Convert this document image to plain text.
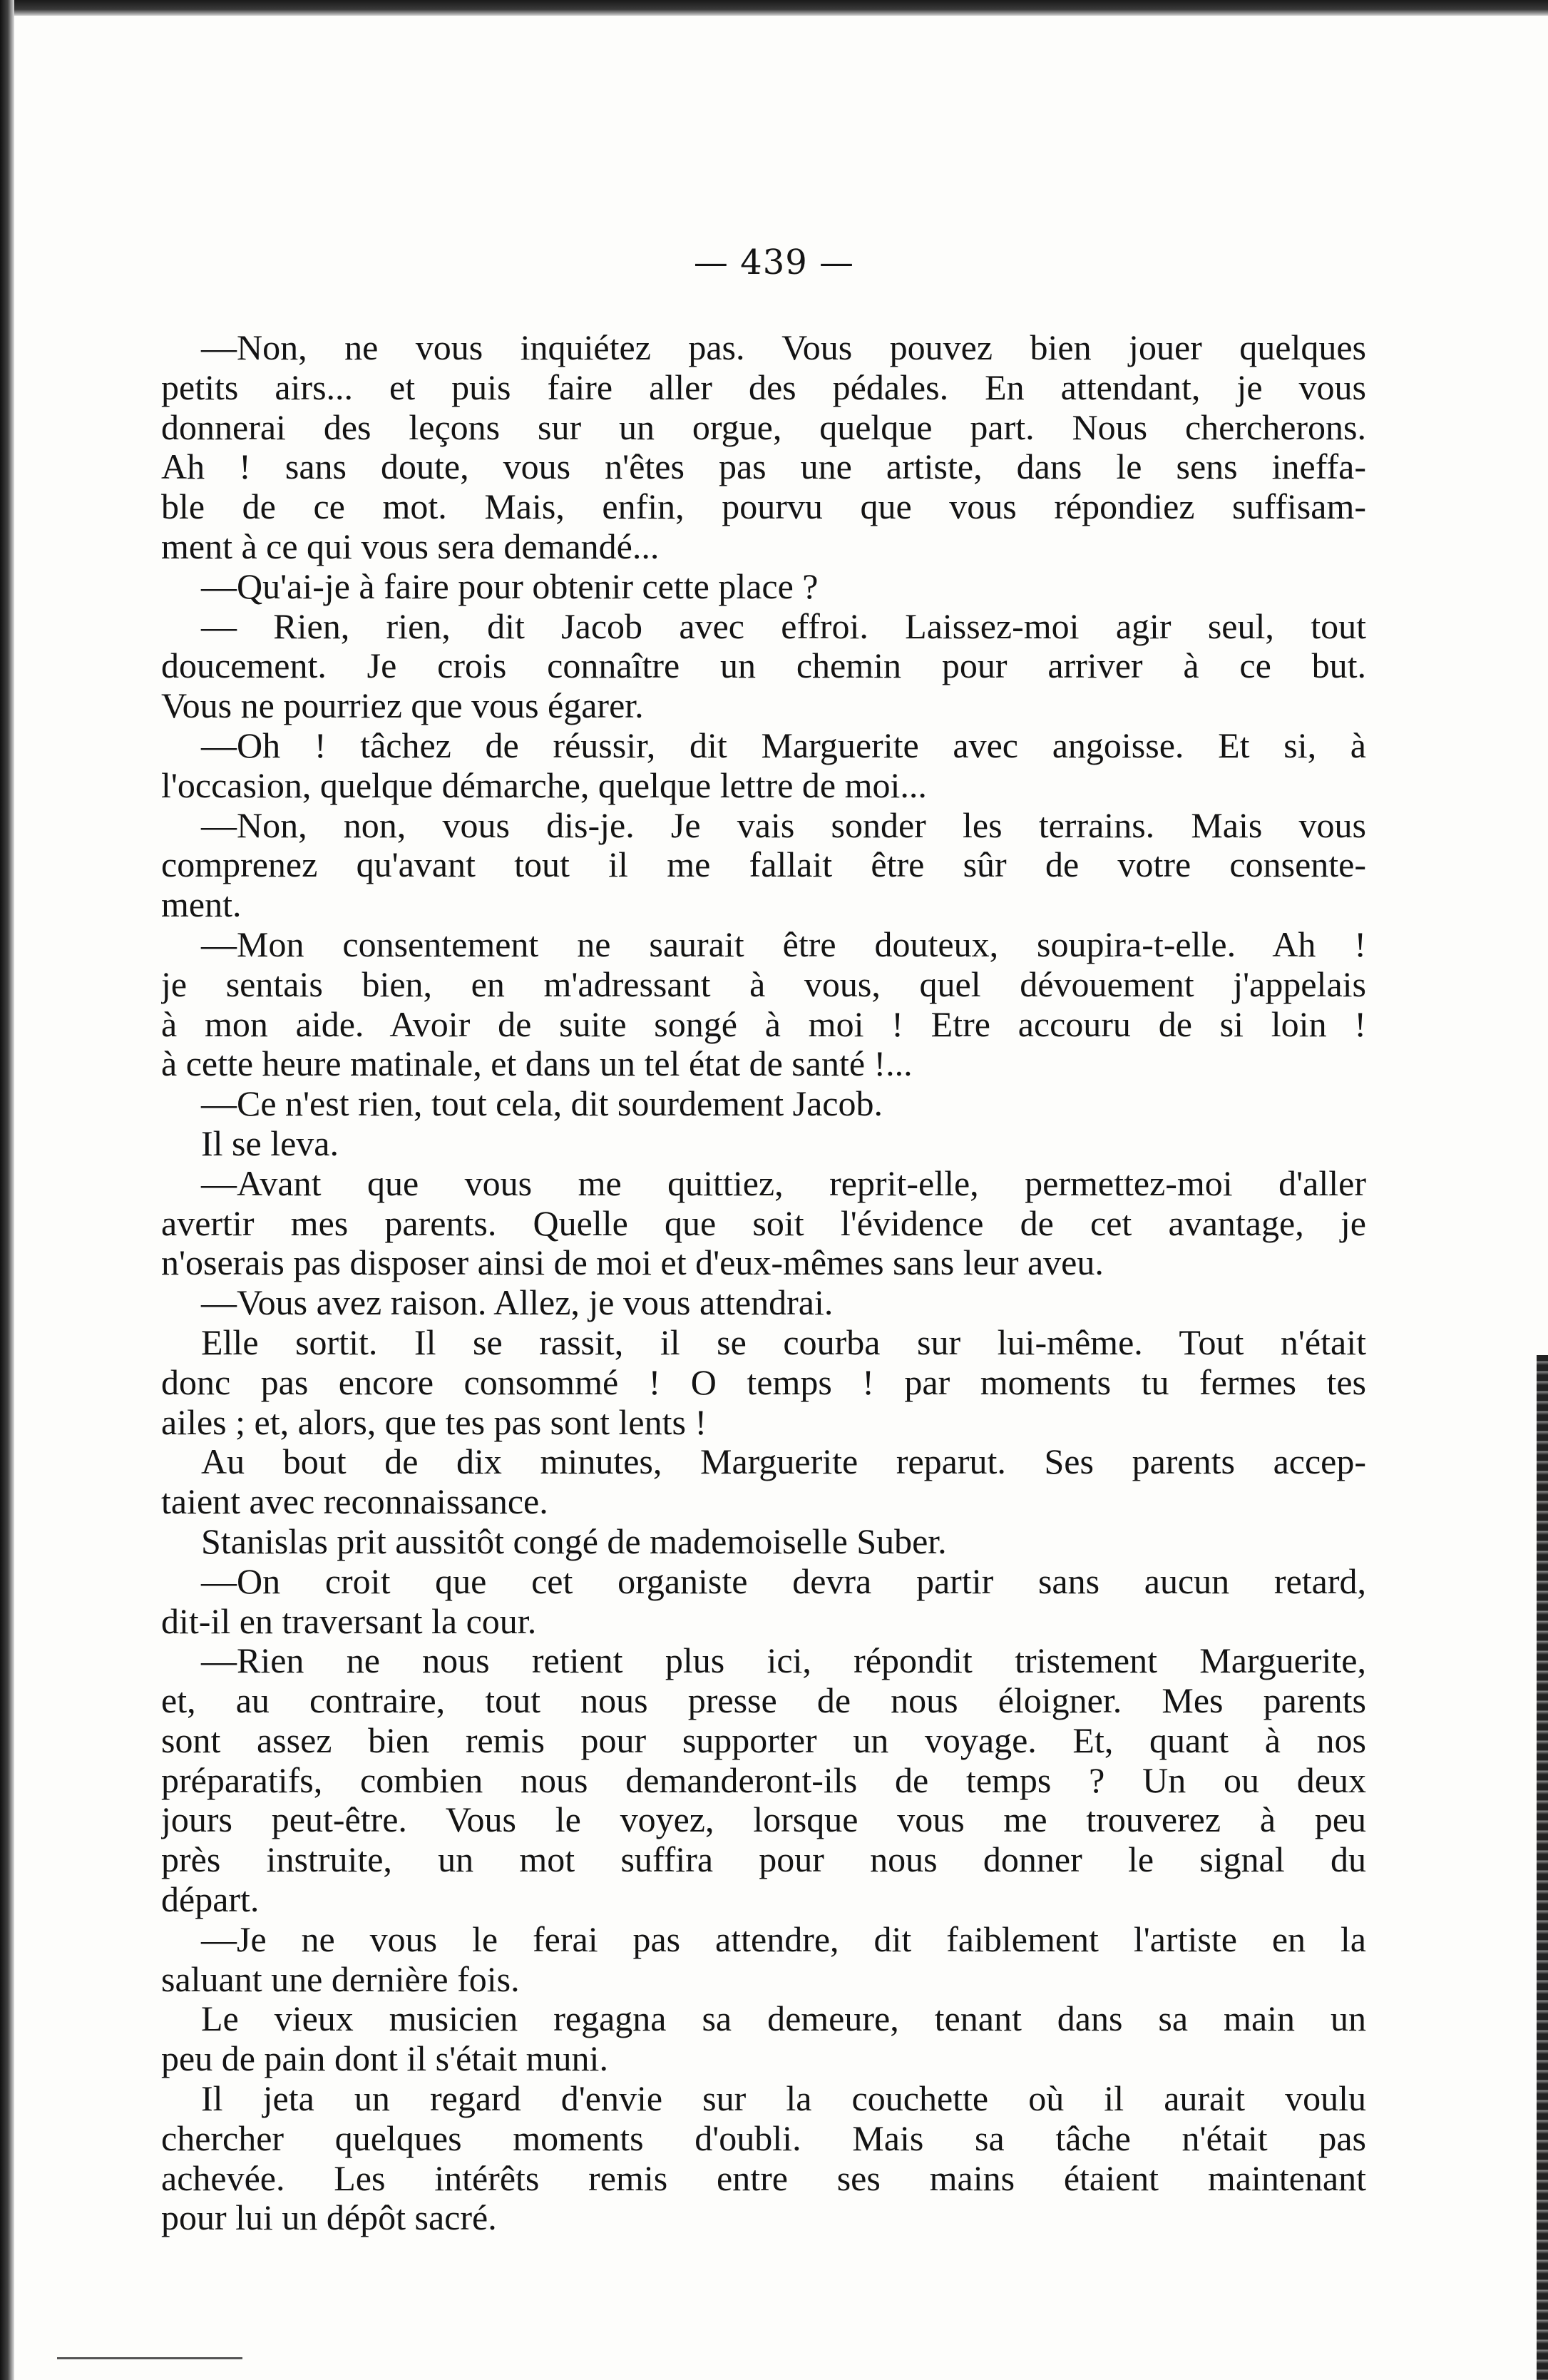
— 439 —

—Non, ne vous inquiétez pas. Vous pouvez bien jouer quelques

petits airs... et puis faire aller des pédales. En attendant, je vous

donnerai des leçons sur un orgue, quelque part. Nous chercherons.

Ah ! sans doute, vous n'êtes pas une artiste, dans le sens ineffa-

ble de ce mot. Mais, enfin, pourvu que vous répondiez suffisam-

ment à ce qui vous sera demandé...

—Qu'ai-je à faire pour obtenir cette place ?

— Rien, rien, dit Jacob avec effroi. Laissez-moi agir seul, tout

doucement. Je crois connaître un chemin pour arriver à ce but.

Vous ne pourriez que vous égarer.

—Oh ! tâchez de réussir, dit Marguerite avec angoisse. Et si, à

l'occasion, quelque démarche, quelque lettre de moi...

—Non, non, vous dis-je. Je vais sonder les terrains. Mais vous

comprenez qu'avant tout il me fallait être sûr de votre consente-

ment.

—Mon consentement ne saurait être douteux, soupira-t-elle. Ah !

je sentais bien, en m'adressant à vous, quel dévouement j'appelais

à mon aide. Avoir de suite songé à moi ! Etre accouru de si loin !

à cette heure matinale, et dans un tel état de santé !...

—Ce n'est rien, tout cela, dit sourdement Jacob.

Il se leva.

—Avant que vous me quittiez, reprit-elle, permettez-moi d'aller

avertir mes parents. Quelle que soit l'évidence de cet avantage, je

n'oserais pas disposer ainsi de moi et d'eux-mêmes sans leur aveu.

—Vous avez raison. Allez, je vous attendrai.

Elle sortit. Il se rassit, il se courba sur lui-même. Tout n'était

donc pas encore consommé ! O temps ! par moments tu fermes tes

ailes ; et, alors, que tes pas sont lents !

Au bout de dix minutes, Marguerite reparut. Ses parents accep-

taient avec reconnaissance.

Stanislas prit aussitôt congé de mademoiselle Suber.

—On croit que cet organiste devra partir sans aucun retard,

dit-il en traversant la cour.

—Rien ne nous retient plus ici, répondit tristement Marguerite,

et, au contraire, tout nous presse de nous éloigner. Mes parents

sont assez bien remis pour supporter un voyage. Et, quant à nos

préparatifs, combien nous demanderont-ils de temps ? Un ou deux

jours peut-être. Vous le voyez, lorsque vous me trouverez à peu

près instruite, un mot suffira pour nous donner le signal du

départ.

—Je ne vous le ferai pas attendre, dit faiblement l'artiste en la

saluant une dernière fois.

Le vieux musicien regagna sa demeure, tenant dans sa main un

peu de pain dont il s'était muni.

Il jeta un regard d'envie sur la couchette où il aurait voulu

chercher quelques moments d'oubli. Mais sa tâche n'était pas

achevée. Les intérêts remis entre ses mains étaient maintenant

pour lui un dépôt sacré.
